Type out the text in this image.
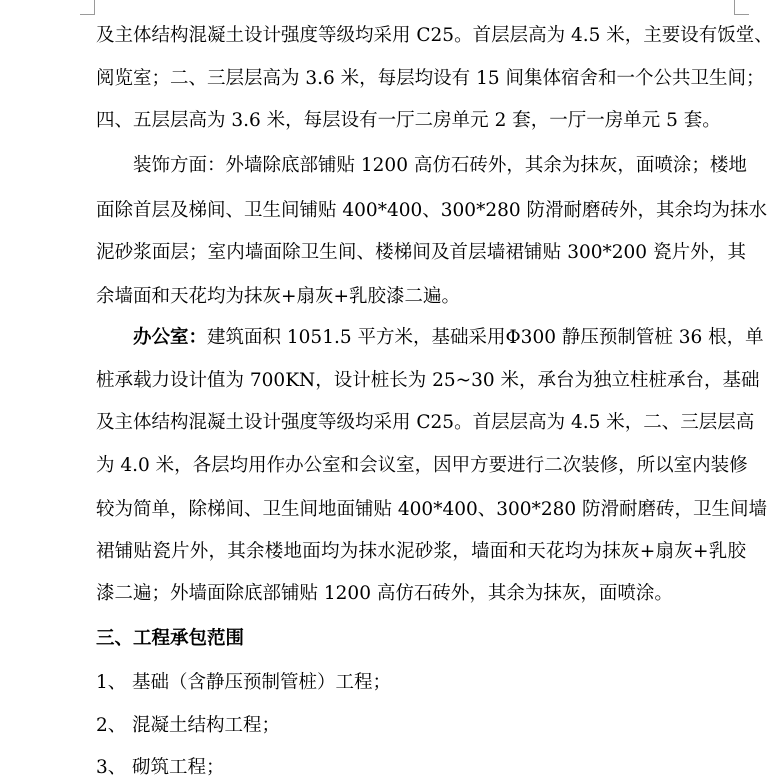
及主体结构混凝土设计强度等级均采用 C25。首层层高为 4.5 米，主要设有饭堂、
阅览室；二、三层层高为 3.6 米，每层均设有 15 间集体宿舍和一个公共卫生间；
四、五层层高为 3.6 米，每层设有一厅二房单元 2 套，一厅一房单元 5 套。
装饰方面：外墙除底部铺贴 1200 高仿石砖外，其余为抹灰，面喷涂；楼地
面除首层及梯间、卫生间铺贴 400*400、300*280 防滑耐磨砖外，其余均为抹水
泥砂浆面层；室内墙面除卫生间、楼梯间及首层墙裙铺贴 300*200 瓷片外，其
余墙面和天花均为抹灰+扇灰+乳胶漆二遍。
办公室：建筑面积 1051.5 平方米，基础采用Φ300 静压预制管桩 36 根，单
桩承载力设计值为 700KN，设计桩长为 25~30 米，承台为独立柱桩承台，基础
及主体结构混凝土设计强度等级均采用 C25。首层层高为 4.5 米，二、三层层高
为 4.0 米，各层均用作办公室和会议室，因甲方要进行二次装修，所以室内装修
较为简单，除梯间、卫生间地面铺贴 400*400、300*280 防滑耐磨砖，卫生间墙
裙铺贴瓷片外，其余楼地面均为抹水泥砂浆，墙面和天花均为抹灰+扇灰+乳胶
漆二遍；外墙面除底部铺贴 1200 高仿石砖外，其余为抹灰，面喷涂。
三、工程承包范围
1、 基础（含静压预制管桩）工程；
2、 混凝土结构工程；
3、 砌筑工程；
